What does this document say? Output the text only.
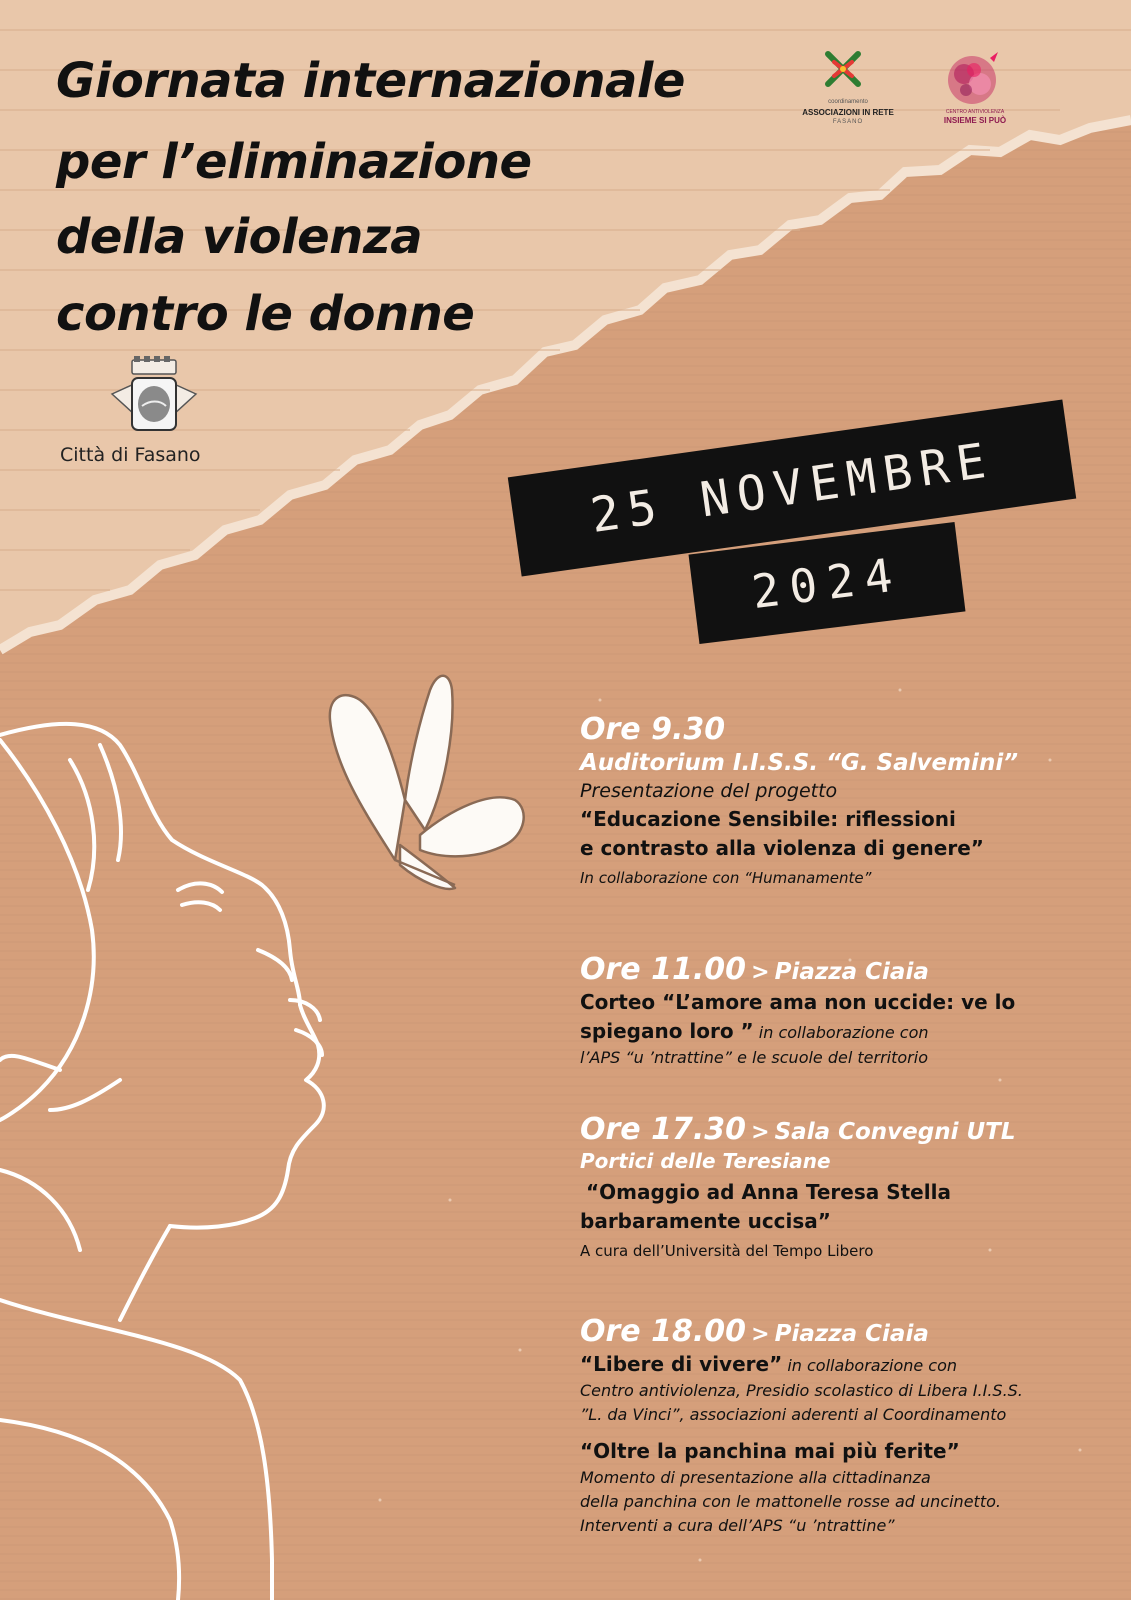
Giornata internazionale
per l’eliminazione
della violenza
contro le donne
Città di Fasano
coordinamento
ASSOCIAZIONI IN RETE
FASANO
CENTRO ANTIVIOLENZA
INSIEME SI PUÒ
25 NOVEMBRE
2024
Ore 9.30
Auditorium I.I.S.S. “G. Salvemini”
Presentazione del progetto
“Educazione Sensibile: riflessioni
e contrasto alla violenza di genere”
In collaborazione con “Humanamente”
Ore 11.00 > Piazza Ciaia
Corteo “L’amore ama non uccide: ve lo
spiegano loro ” in collaborazione con
l’APS “u ’ntrattine” e le scuole del territorio
Ore 17.30 > Sala Convegni UTL
Portici delle Teresiane
“Omaggio ad Anna Teresa Stella
barbaramente uccisa”
A cura dell’Università del Tempo Libero
Ore 18.00 > Piazza Ciaia
“Libere di vivere” in collaborazione con
Centro antiviolenza, Presidio scolastico di Libera I.I.S.S.
”L. da Vinci”, associazioni aderenti al Coordinamento
“Oltre la panchina mai più ferite”
Momento di presentazione alla cittadinanza
della panchina con le mattonelle rosse ad uncinetto.
Interventi a cura dell’APS “u ’ntrattine”
